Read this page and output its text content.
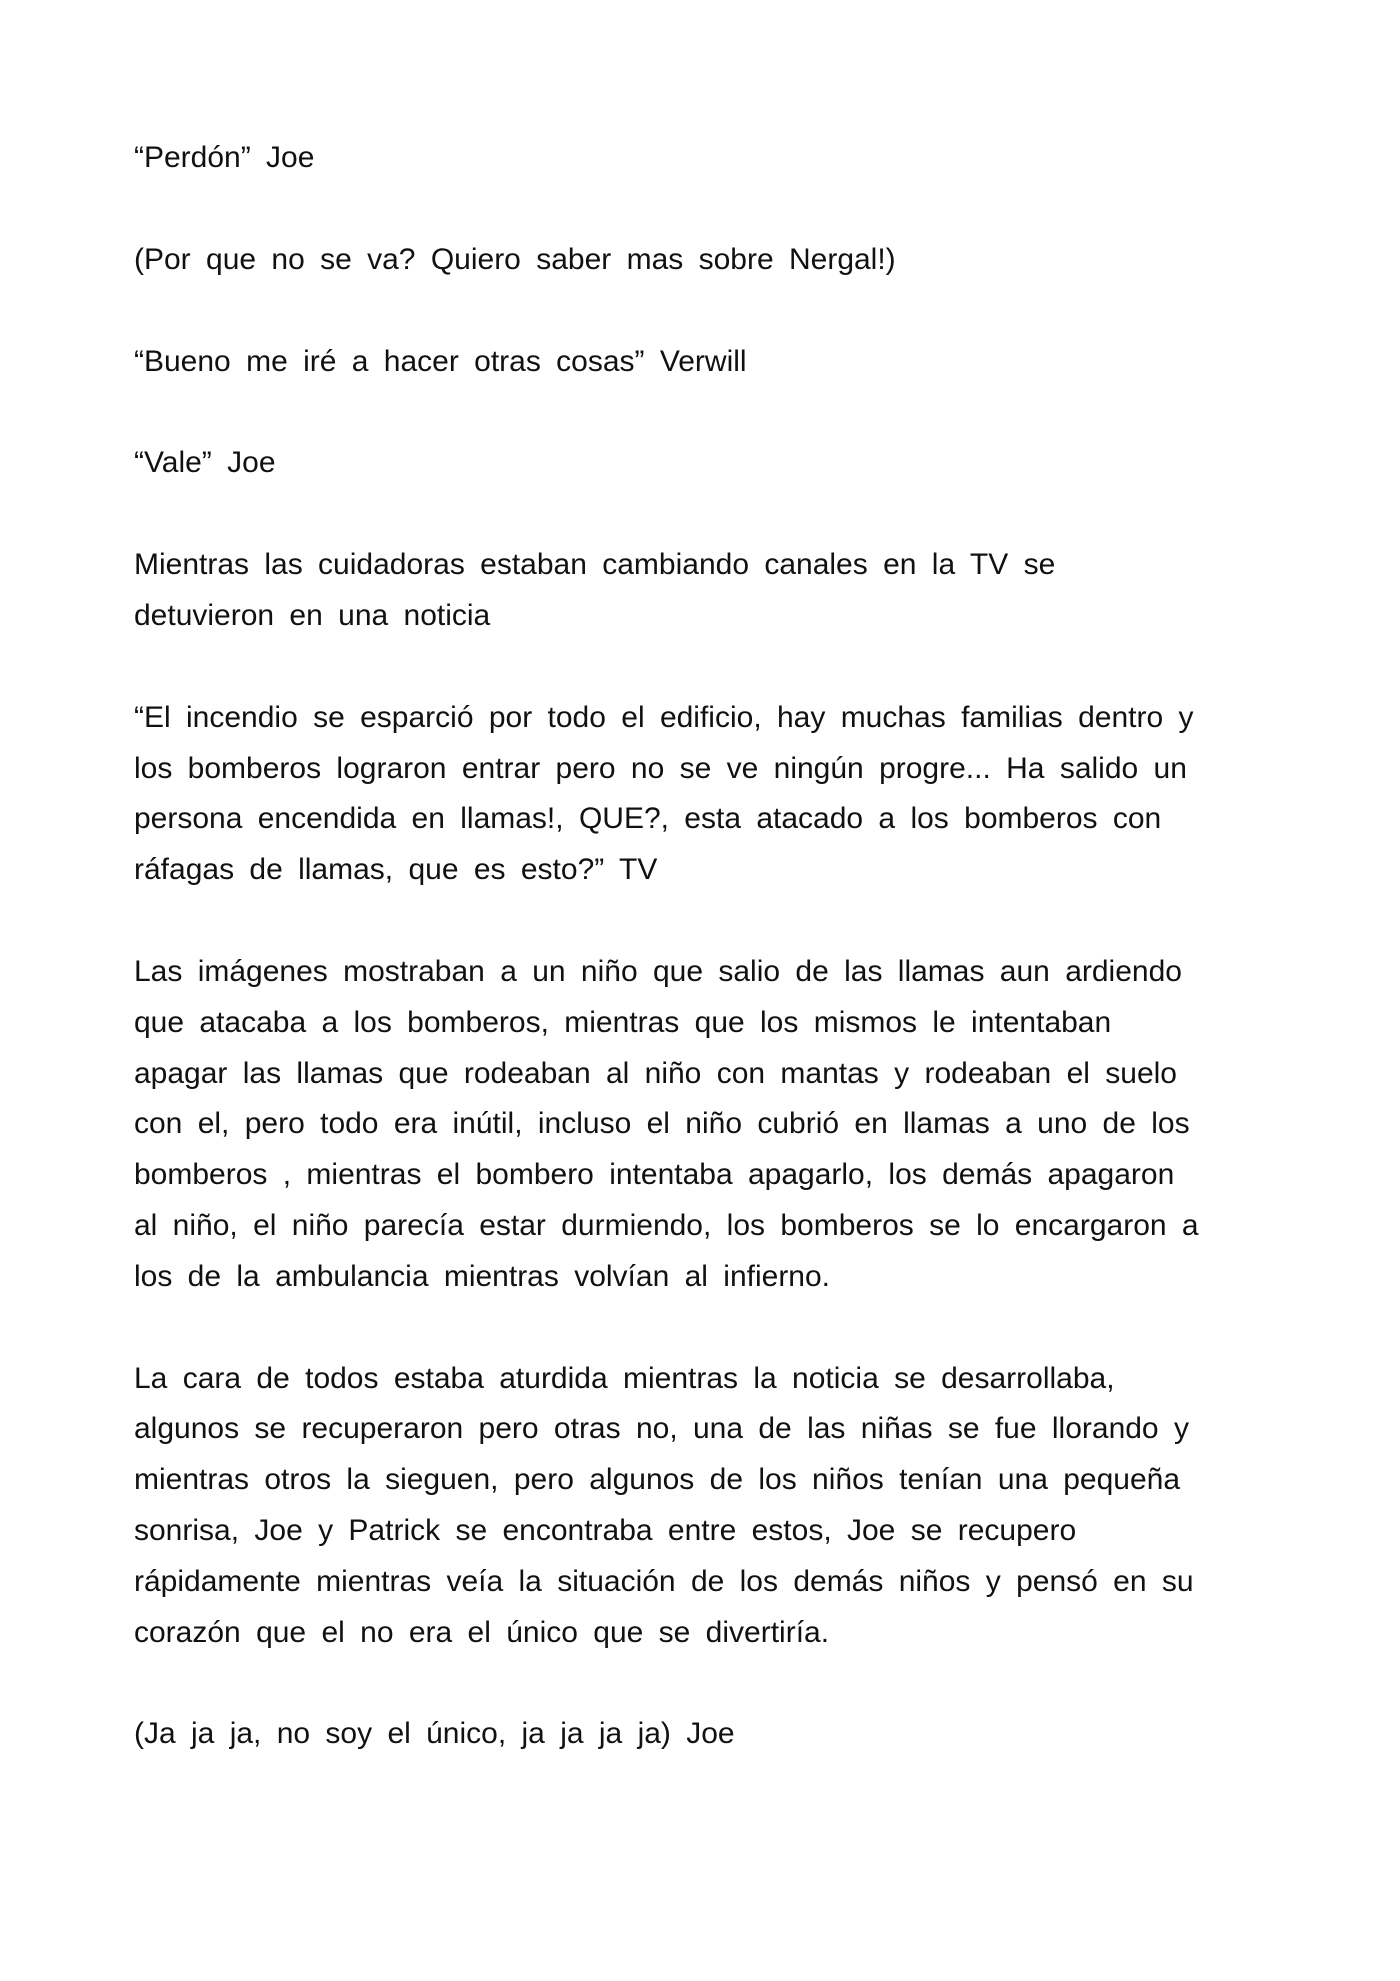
“Perdón” Joe

(Por que no se va? Quiero saber mas sobre Nergal!)

“Bueno me iré a hacer otras cosas” Verwill

“Vale” Joe

Mientras las cuidadoras estaban cambiando canales en la TV se
detuvieron en una noticia

“El incendio se esparció por todo el edificio, hay muchas familias dentro y
los bomberos lograron entrar pero no se ve ningún progre... Ha salido un
persona encendida en llamas!, QUE?, esta atacado a los bomberos con
ráfagas de llamas, que es esto?” TV

Las imágenes mostraban a un niño que salio de las llamas aun ardiendo
que atacaba a los bomberos, mientras que los mismos le intentaban
apagar las llamas que rodeaban al niño con mantas y rodeaban el suelo
con el, pero todo era inútil, incluso el niño cubrió en llamas a uno de los
bomberos , mientras el bombero intentaba apagarlo, los demás apagaron
al niño, el niño parecía estar durmiendo, los bomberos se lo encargaron a
los de la ambulancia mientras volvían al infierno.

La cara de todos estaba aturdida mientras la noticia se desarrollaba,
algunos se recuperaron pero otras no, una de las niñas se fue llorando y
mientras otros la sieguen, pero algunos de los niños tenían una pequeña
sonrisa, Joe y Patrick se encontraba entre estos, Joe se recupero
rápidamente mientras veía la situación de los demás niños y pensó en su
corazón que el no era el único que se divertiría.

(Ja ja ja, no soy el único, ja ja ja ja) Joe
